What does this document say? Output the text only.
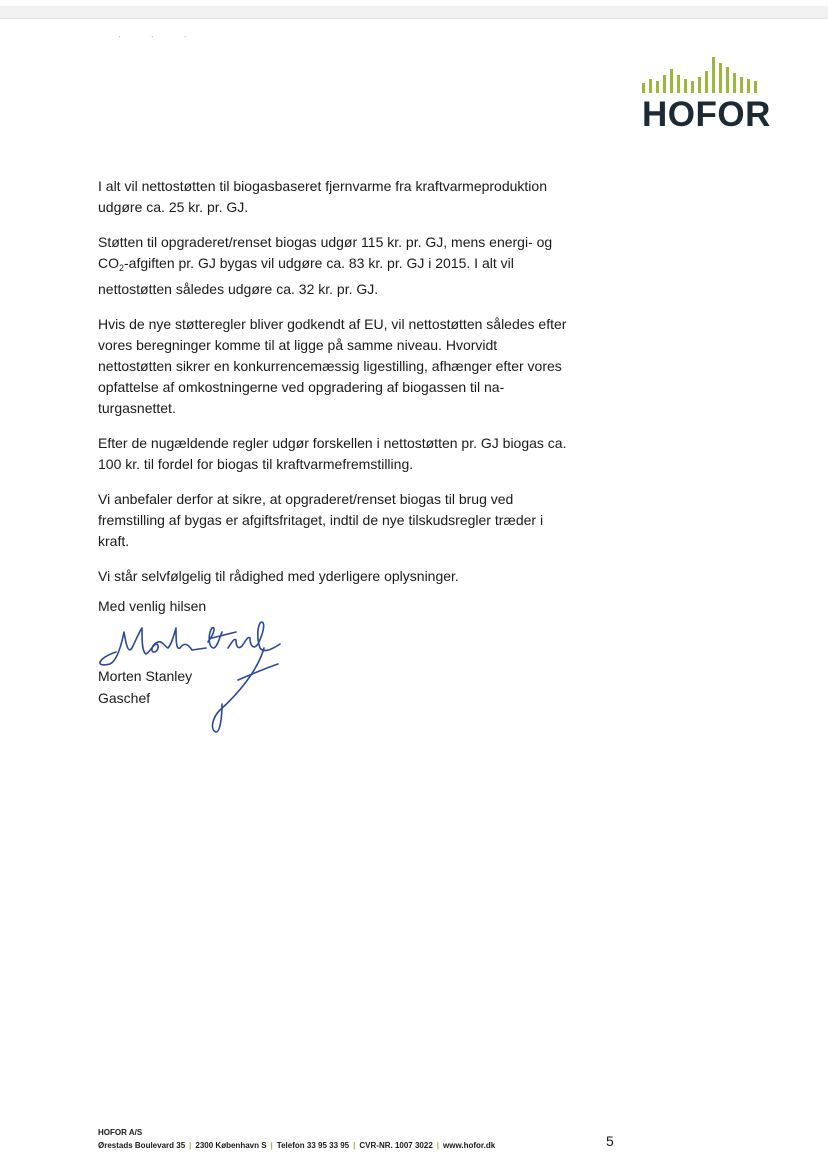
· · ·
HOFOR

I alt vil nettostøtten til biogasbaseret fjernvarme fra kraftvarmeproduktion
udgøre ca. 25 kr. pr. GJ.

Støtten til opgraderet/renset biogas udgør 115 kr. pr. GJ, mens energi- og
$CO_2$-afgiften pr. GJ bygas vil udgøre ca. 83 kr. pr. GJ i 2015. I alt vil
nettostøtten således udgøre ca. 32 kr. pr. GJ.

Hvis de nye støtteregler bliver godkendt af EU, vil nettostøtten således efter
vores beregninger komme til at ligge på samme niveau. Hvorvidt
nettostøtten sikrer en konkurrencemæssig ligestilling, afhænger efter vores
opfattelse af omkostningerne ved opgradering af biogassen til na-
turgasnettet.

Efter de nugældende regler udgør forskellen i nettostøtten pr. GJ biogas ca.
100 kr. til fordel for biogas til kraftvarmefremstilling.

Vi anbefaler derfor at sikre, at opgraderet/renset biogas til brug ved
fremstilling af bygas er afgiftsfritaget, indtil de nye tilskudsregler træder i
kraft.

Vi står selvfølgelig til rådighed med yderligere oplysninger.

Med venlig hilsen
Morten Stanley
Gaschef
HOFOR A/S
Ørestads Boulevard 35 | 2300 København S | Telefon 33 95 33 95 | CVR-NR. 1007 3022 | www.hofor.dk	5
